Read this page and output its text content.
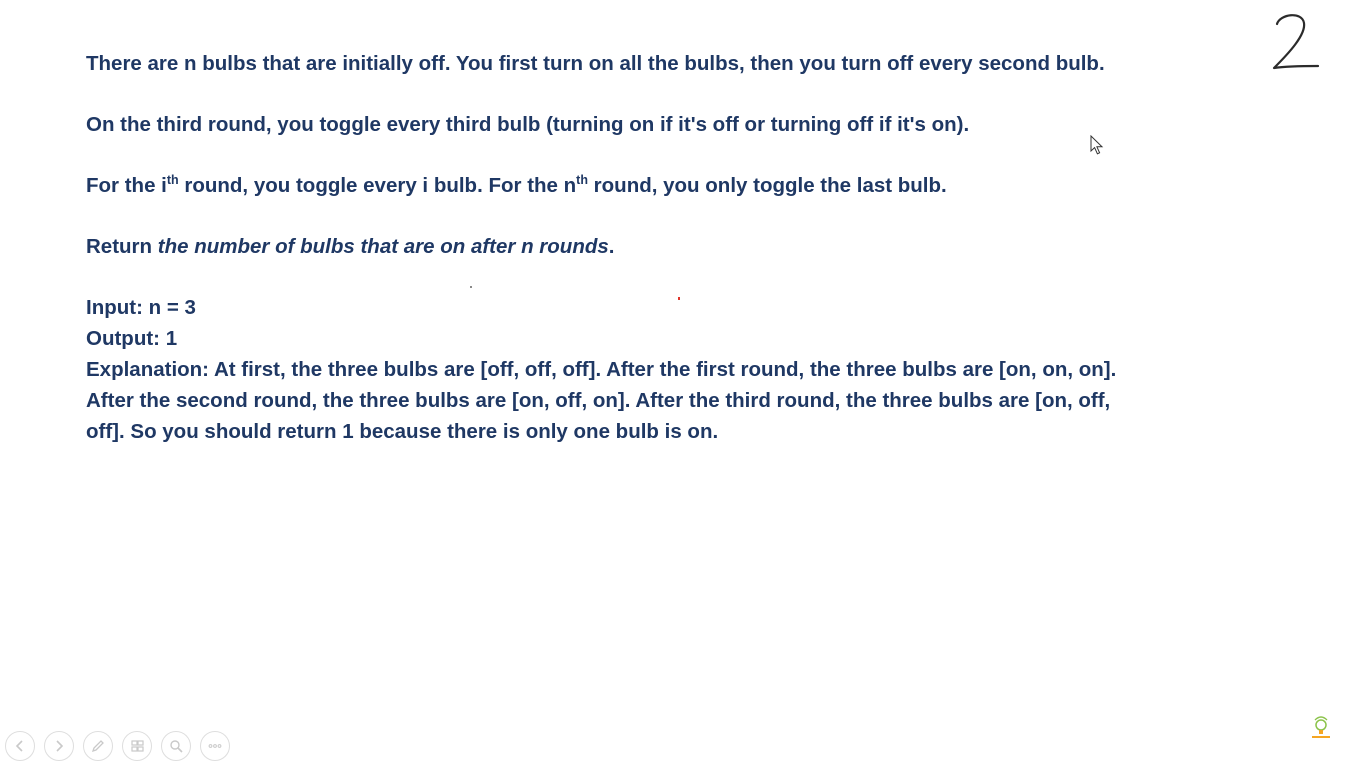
There are n bulbs that are initially off. You first turn on all the bulbs, then you turn off every second bulb.
On the third round, you toggle every third bulb (turning on if it's off or turning off if it's on).
For the $i^{th}$ round, you toggle every i bulb. For the $n^{th}$ round, you only toggle the last bulb.
Return the number of bulbs that are on after n rounds.
Input: n = 3
Output: 1
Explanation: At first, the three bulbs are [off, off, off]. After the first round, the three bulbs are [on, on, on].
After the second round, the three bulbs are [on, off, on]. After the third round, the three bulbs are [on, off,
off]. So you should return 1 because there is only one bulb is on.
